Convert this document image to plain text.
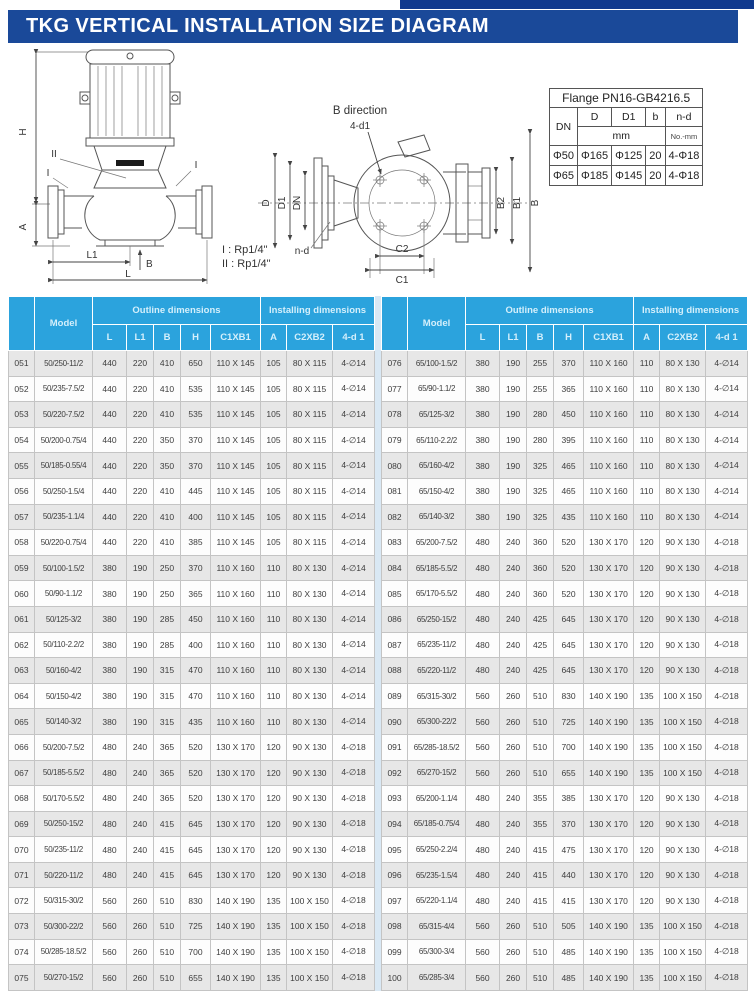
TKG VERTICAL INSTALLATION SIZE DIAGRAM
H
A
II
I
I
L1
B
L
B direction
D D1 DN
4-d1
n-d
B2 B1 B
C2
C1
I : Rp1/4"
II : Rp1/4"
Flange PN16-GB4216.5				
DN	D	D1	b	n-d
	mm			No.-mm
Φ50	Φ165	Φ125	20	4-Φ18
Φ65	Φ185	Φ145	20	4-Φ18
	Model	Outline dimensions					Installing dimensions		
		L	L1	B	H	C1XB1	A	C2XB2	4-d 1
051	50/250-11/2	440	220	410	650	110 X 145	105	80 X 115	4-∅14
052	50/235-7.5/2	440	220	410	535	110 X 145	105	80 X 115	4-∅14
053	50/220-7.5/2	440	220	410	535	110 X 145	105	80 X 115	4-∅14
054	50/200-0.75/4	440	220	350	370	110 X 145	105	80 X 115	4-∅14
055	50/185-0.55/4	440	220	350	370	110 X 145	105	80 X 115	4-∅14
056	50/250-1.5/4	440	220	410	445	110 X 145	105	80 X 115	4-∅14
057	50/235-1.1/4	440	220	410	400	110 X 145	105	80 X 115	4-∅14
058	50/220-0.75/4	440	220	410	385	110 X 145	105	80 X 115	4-∅14
059	50/100-1.5/2	380	190	250	370	110 X 160	110	80 X 130	4-∅14
060	50/90-1.1/2	380	190	250	365	110 X 160	110	80 X 130	4-∅14
061	50/125-3/2	380	190	285	450	110 X 160	110	80 X 130	4-∅14
062	50/110-2.2/2	380	190	285	400	110 X 160	110	80 X 130	4-∅14
063	50/160-4/2	380	190	315	470	110 X 160	110	80 X 130	4-∅14
064	50/150-4/2	380	190	315	470	110 X 160	110	80 X 130	4-∅14
065	50/140-3/2	380	190	315	435	110 X 160	110	80 X 130	4-∅14
066	50/200-7.5/2	480	240	365	520	130 X 170	120	90 X 130	4-∅18
067	50/185-5.5/2	480	240	365	520	130 X 170	120	90 X 130	4-∅18
068	50/170-5.5/2	480	240	365	520	130 X 170	120	90 X 130	4-∅18
069	50/250-15/2	480	240	415	645	130 X 170	120	90 X 130	4-∅18
070	50/235-11/2	480	240	415	645	130 X 170	120	90 X 130	4-∅18
071	50/220-11/2	480	240	415	645	130 X 170	120	90 X 130	4-∅18
072	50/315-30/2	560	260	510	830	140 X 190	135	100 X 150	4-∅18
073	50/300-22/2	560	260	510	725	140 X 190	135	100 X 150	4-∅18
074	50/285-18.5/2	560	260	510	700	140 X 190	135	100 X 150	4-∅18
075	50/270-15/2	560	260	510	655	140 X 190	135	100 X 150	4-∅18
	Model	Outline dimensions					Installing dimensions		
		L	L1	B	H	C1XB1	A	C2XB2	4-d 1
076	65/100-1.5/2	380	190	255	370	110 X 160	110	80 X 130	4-∅14
077	65/90-1.1/2	380	190	255	365	110 X 160	110	80 X 130	4-∅14
078	65/125-3/2	380	190	280	450	110 X 160	110	80 X 130	4-∅14
079	65/110-2.2/2	380	190	280	395	110 X 160	110	80 X 130	4-∅14
080	65/160-4/2	380	190	325	465	110 X 160	110	80 X 130	4-∅14
081	65/150-4/2	380	190	325	465	110 X 160	110	80 X 130	4-∅14
082	65/140-3/2	380	190	325	435	110 X 160	110	80 X 130	4-∅14
083	65/200-7.5/2	480	240	360	520	130 X 170	120	90 X 130	4-∅18
084	65/185-5.5/2	480	240	360	520	130 X 170	120	90 X 130	4-∅18
085	65/170-5.5/2	480	240	360	520	130 X 170	120	90 X 130	4-∅18
086	65/250-15/2	480	240	425	645	130 X 170	120	90 X 130	4-∅18
087	65/235-11/2	480	240	425	645	130 X 170	120	90 X 130	4-∅18
088	65/220-11/2	480	240	425	645	130 X 170	120	90 X 130	4-∅18
089	65/315-30/2	560	260	510	830	140 X 190	135	100 X 150	4-∅18
090	65/300-22/2	560	260	510	725	140 X 190	135	100 X 150	4-∅18
091	65/285-18.5/2	560	260	510	700	140 X 190	135	100 X 150	4-∅18
092	65/270-15/2	560	260	510	655	140 X 190	135	100 X 150	4-∅18
093	65/200-1.1/4	480	240	355	385	130 X 170	120	90 X 130	4-∅18
094	65/185-0.75/4	480	240	355	370	130 X 170	120	90 X 130	4-∅18
095	65/250-2.2/4	480	240	415	475	130 X 170	120	90 X 130	4-∅18
096	65/235-1.5/4	480	240	415	440	130 X 170	120	90 X 130	4-∅18
097	65/220-1.1/4	480	240	415	415	130 X 170	120	90 X 130	4-∅18
098	65/315-4/4	560	260	510	505	140 X 190	135	100 X 150	4-∅18
099	65/300-3/4	560	260	510	485	140 X 190	135	100 X 150	4-∅18
100	65/285-3/4	560	260	510	485	140 X 190	135	100 X 150	4-∅18
